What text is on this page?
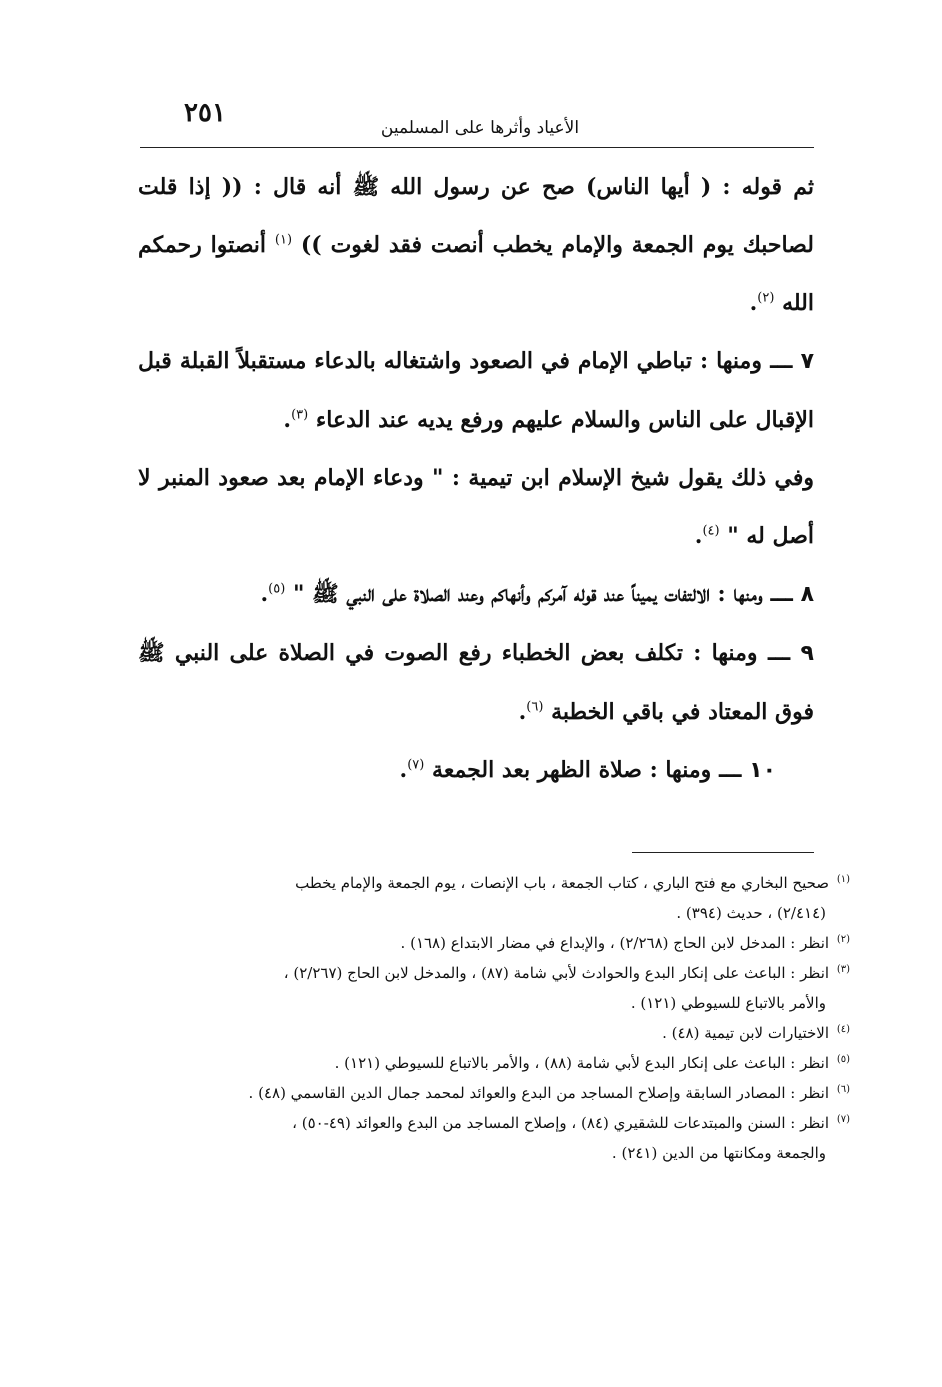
٢٥١	الأعياد وأثرها على المسلمين

ثم قوله : ( أيها الناس) صح عن رسول الله ﷺ أنه قال : (( إذا قلت لصاحبك يوم الجمعة والإمام يخطب أنصت فقد لغوت )) $^{(١)}$ أنصتوا رحمكم الله $^{(٢)}$.

٧ ـــ ومنها : تباطي الإمام في الصعود واشتغاله بالدعاء مستقبلاً القبلة قبل الإقبال على الناس والسلام عليهم ورفع يديه عند الدعاء $^{(٣)}$.

وفي ذلك يقول شيخ الإسلام ابن تيمية : " ودعاء الإمام بعد صعود المنبر لا أصل له " $^{(٤)}$.

٨ ـــ ومنها : الالتفات يميناً عند قوله آمركم وأنهاكم وعند الصلاة على النبي ﷺ " $^{(٥)}$.

٩ ـــ ومنها : تكلف بعض الخطباء رفع الصوت في الصلاة على النبي ﷺ فوق المعتاد في باقي الخطبة $^{(٦)}$.

١٠ ـــ ومنها : صلاة الظهر بعد الجمعة $^{(٧)}$.

$^{(١)}$ صحيح البخاري مع فتح الباري ، كتاب الجمعة ، باب الإنصات ، يوم الجمعة والإمام يخطب
(٢/٤١٤) ، حديث (٣٩٤) .

$^{(٢)}$ انظر : المدخل لابن الحاج (٢/٢٦٨) ، والإبداع في مضار الابتداع (١٦٨) .

$^{(٣)}$ انظر : الباعث على إنكار البدع والحوادث لأبي شامة (٨٧) ، والمدخل لابن الحاج (٢/٢٦٧) ،
والأمر بالاتباع للسيوطي (١٢١) .

$^{(٤)}$ الاختيارات لابن تيمية (٤٨) .

$^{(٥)}$ انظر : الباعث على إنكار البدع لأبي شامة (٨٨) ، والأمر بالاتباع للسيوطي (١٢١) .

$^{(٦)}$ انظر : المصادر السابقة وإصلاح المساجد من البدع والعوائد لمحمد جمال الدين القاسمي (٤٨) .

$^{(٧)}$ انظر : السنن والمبتدعات للشقيري (٨٤) ، وإصلاح المساجد من البدع والعوائد (٤٩-٥٠) ،
والجمعة ومكانتها من الدين (٢٤١) .
